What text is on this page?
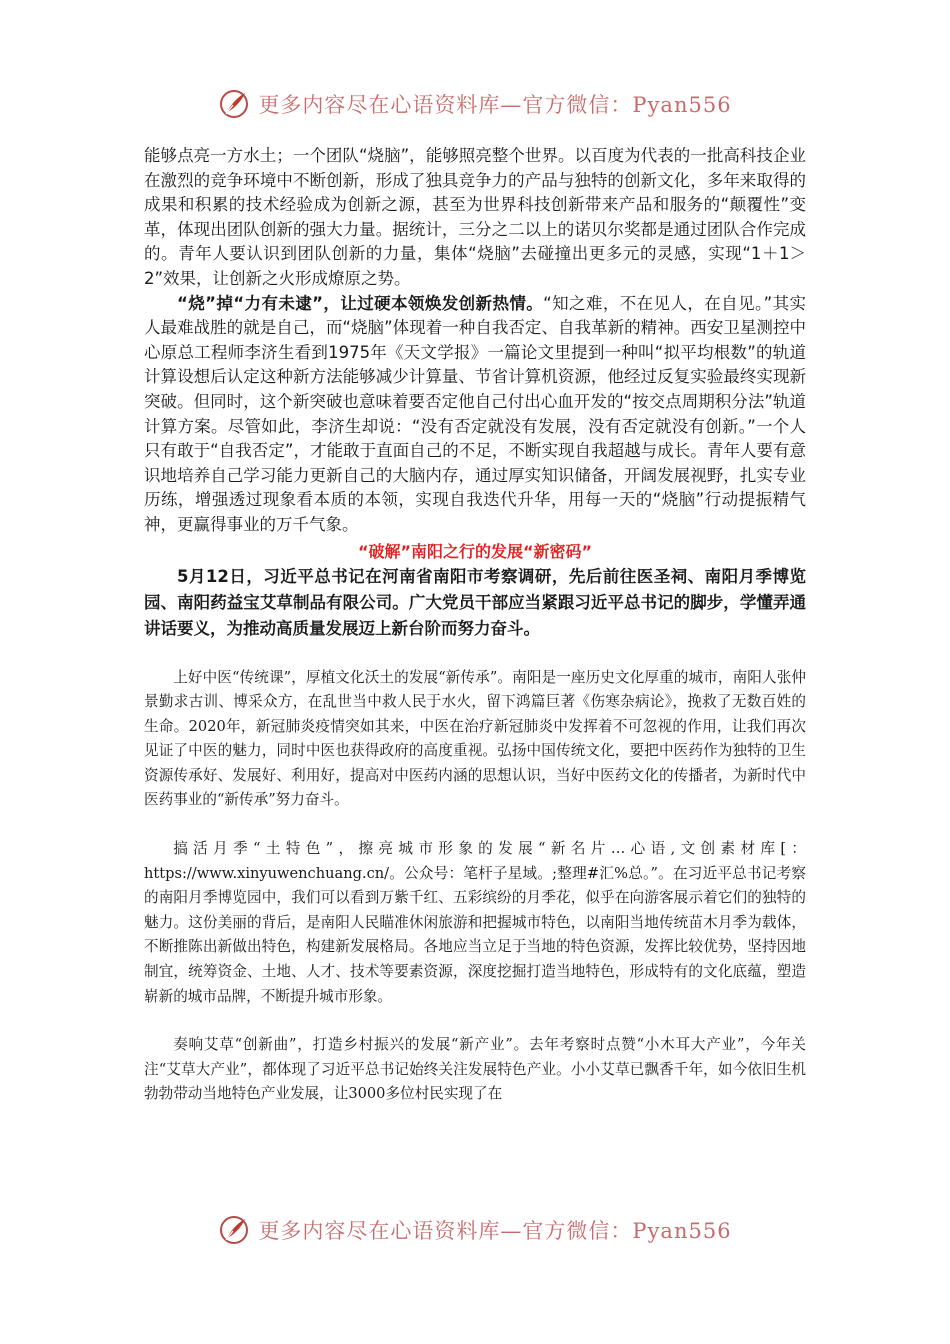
更多内容尽在心语资料库—官方微信：Pyan556

能够点亮一方水土；一个团队“烧脑”，能够照亮整个世界。以百度为代表的一批高科技企业在激烈的竞争环境中不断创新，形成了独具竞争力的产品与独特的创新文化，多年来取得的成果和积累的技术经验成为创新之源，甚至为世界科技创新带来产品和服务的“颠覆性”变革，体现出团队创新的强大力量。据统计，三分之二以上的诺贝尔奖都是通过团队合作完成的。青年人要认识到团队创新的力量，集体“烧脑”去碰撞出更多元的灵感，实现“1＋1＞2”效果，让创新之火形成燎原之势。

“烧”掉“力有未逮”，让过硬本领焕发创新热情。“知之难，不在见人，在自见。”其实人最难战胜的就是自己，而“烧脑”体现着一种自我否定、自我革新的精神。西安卫星测控中心原总工程师李济生看到1975年《天文学报》一篇论文里提到一种叫“拟平均根数”的轨道计算设想后认定这种新方法能够减少计算量、节省计算机资源，他经过反复实验最终实现新突破。但同时，这个新突破也意味着要否定他自己付出心血开发的“按交点周期积分法”轨道计算方案。尽管如此，李济生却说：“没有否定就没有发展，没有否定就没有创新。”一个人只有敢于“自我否定”，才能敢于直面自己的不足，不断实现自我超越与成长。青年人要有意识地培养自己学习能力更新自己的大脑内存，通过厚实知识储备，开阔发展视野，扎实专业历练，增强透过现象看本质的本领，实现自我迭代升华，用每一天的“烧脑”行动提振精气神，更赢得事业的万千气象。

“破解”南阳之行的发展“新密码”

5月12日，习近平总书记在河南省南阳市考察调研，先后前往医圣祠、南阳月季博览园、南阳药益宝艾草制品有限公司。广大党员干部应当紧跟习近平总书记的脚步，学懂弄通讲话要义，为推动高质量发展迈上新台阶而努力奋斗。

上好中医“传统课”，厚植文化沃土的发展“新传承”。南阳是一座历史文化厚重的城市，南阳人张仲景勤求古训、博采众方，在乱世当中救人民于水火，留下鸿篇巨著《伤寒杂病论》，挽救了无数百姓的生命。2020年，新冠肺炎疫情突如其来，中医在治疗新冠肺炎中发挥着不可忽视的作用，让我们再次见证了中医的魅力，同时中医也获得政府的高度重视。弘扬中国传统文化，要把中医药作为独特的卫生资源传承好、发展好、利用好，提高对中医药内涵的思想认识，当好中医药文化的传播者，为新时代中医药事业的“新传承”努力奋斗。

搞活月季“土特色”，擦亮城市形象的发展“新名片…心语,文创素材库[：https://www.xinyuwenchuang.cn/。公众号：笔杆子星域。;整理#汇%总。”。在习近平总书记考察的南阳月季博览园中，我们可以看到万紫千红、五彩缤纷的月季花，似乎在向游客展示着它们的独特的魅力。这份美丽的背后，是南阳人民瞄准休闲旅游和把握城市特色，以南阳当地传统苗木月季为载体，不断推陈出新做出特色，构建新发展格局。各地应当立足于当地的特色资源，发挥比较优势，坚持因地制宜，统筹资金、土地、人才、技术等要素资源，深度挖掘打造当地特色，形成特有的文化底蕴，塑造崭新的城市品牌，不断提升城市形象。

奏响艾草“创新曲”，打造乡村振兴的发展“新产业”。去年考察时点赞“小木耳大产业”，今年关注“艾草大产业”，都体现了习近平总书记始终关注发展特色产业。小小艾草已飘香千年，如今依旧生机勃勃带动当地特色产业发展，让3000多位村民实现了在

更多内容尽在心语资料库—官方微信：Pyan556
